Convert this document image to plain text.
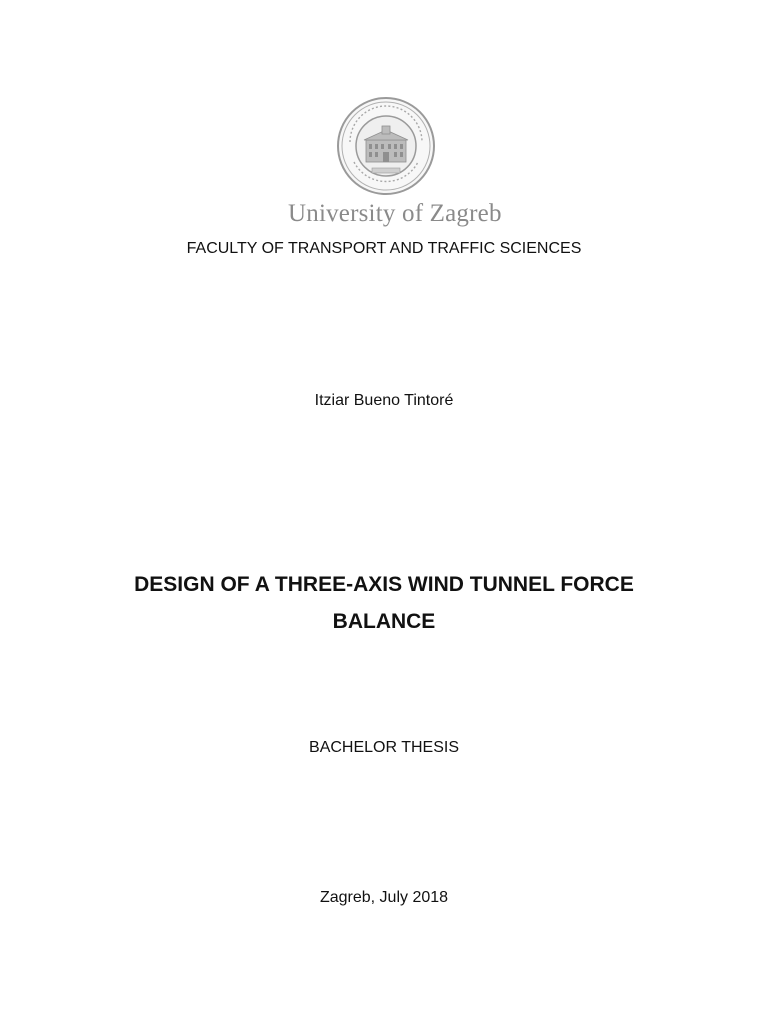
University of Zagreb
FACULTY OF TRANSPORT AND TRAFFIC SCIENCES
Itziar Bueno Tintoré
DESIGN OF A THREE-AXIS WIND TUNNEL FORCE
BALANCE
BACHELOR THESIS
Zagreb, July 2018
